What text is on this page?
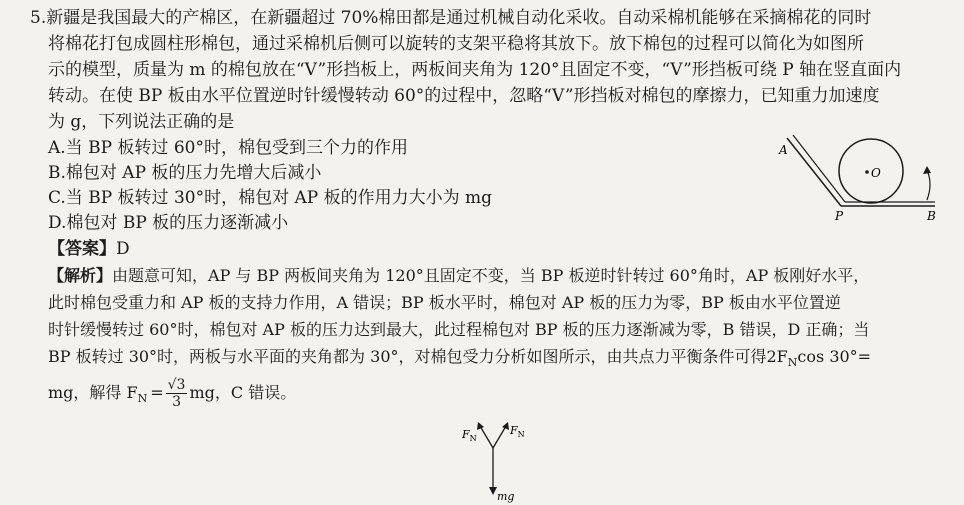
5.新疆是我国最大的产棉区，在新疆超过 70%棉田都是通过机械自动化采收。自动采棉机能够在采摘棉花的同时
将棉花打包成圆柱形棉包，通过采棉机后侧可以旋转的支架平稳将其放下。放下棉包的过程可以简化为如图所
示的模型，质量为 m 的棉包放在“V”形挡板上，两板间夹角为 120°且固定不变，“V”形挡板可绕 P 轴在竖直面内
转动。在使 BP 板由水平位置逆时针缓慢转动 60°的过程中，忽略“V”形挡板对棉包的摩擦力，已知重力加速度
为 g，下列说法正确的是
A.当 BP 板转过 60°时，棉包受到三个力的作用
B.棉包对 AP 板的压力先增大后减小
C.当 BP 板转过 30°时，棉包对 AP 板的作用力大小为 mg
D.棉包对 BP 板的压力逐渐减小
【答案】D
【解析】由题意可知，AP 与 BP 两板间夹角为 120°且固定不变，当 BP 板逆时针转过 60°角时，AP 板刚好水平，
此时棉包受重力和 AP 板的支持力作用，A 错误；BP 板水平时，棉包对 AP 板的压力为零，BP 板由水平位置逆
时针缓慢转过 60°时，棉包对 AP 板的压力达到最大，此过程棉包对 BP 板的压力逐渐减为零，B 错误，D 正确；当
BP 板转过 30°时，两板与水平面的夹角都为 30°，对棉包受力分析如图所示，由共点力平衡条件可得$2F_N\cos$ 30°=
mg，解得 $F_N = \frac{√3}{3}$ mg，C 错误。
A
O
P	B
$F_N$
$F_N$
mg
